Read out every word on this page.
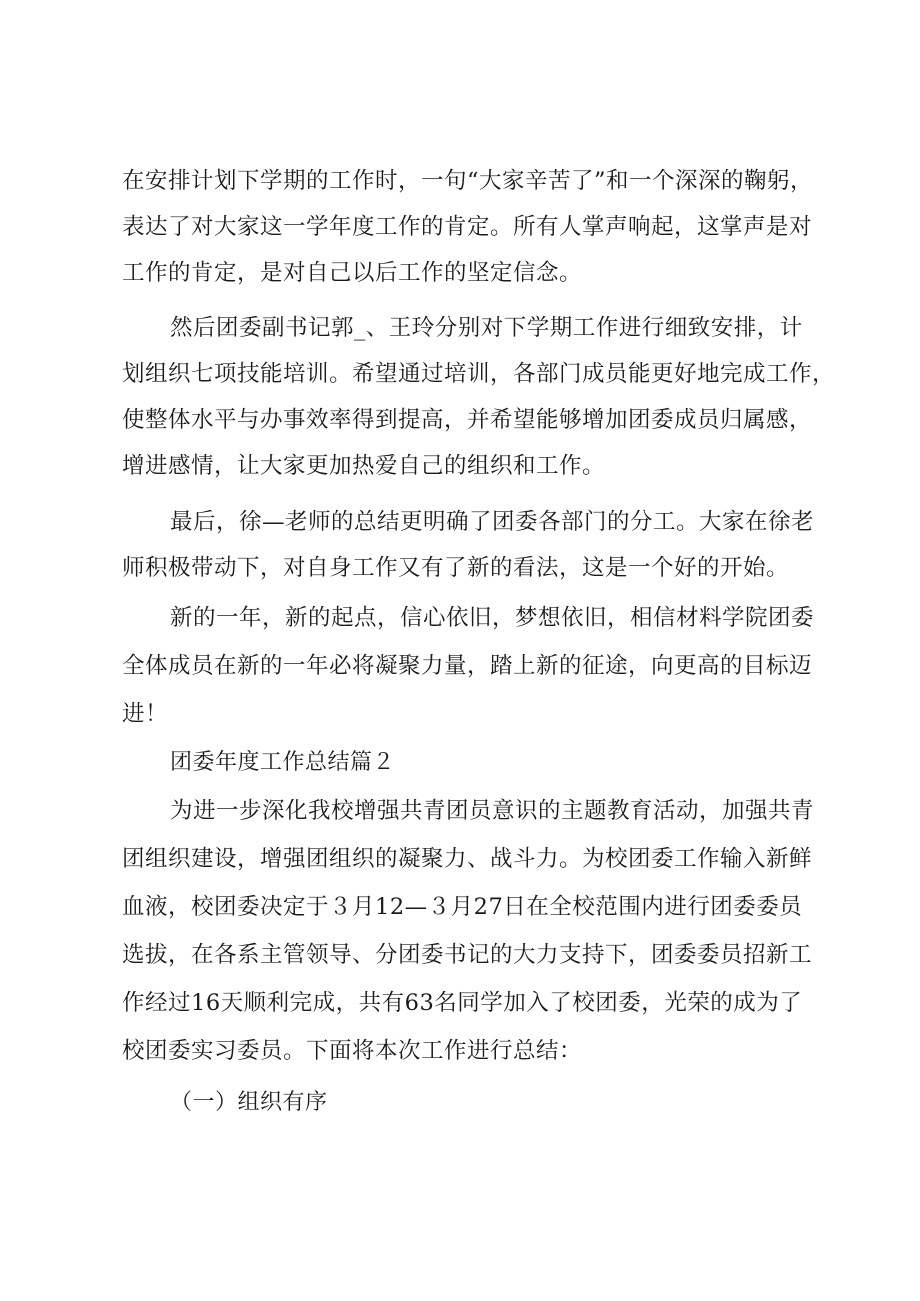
在安排计划下学期的工作时，一句“大家辛苦了”和一个深深的鞠躬，

表达了对大家这一学年度工作的肯定。所有人掌声响起，这掌声是对

工作的肯定，是对自己以后工作的坚定信念。

然后团委副书记郭_、王玲分别对下学期工作进行细致安排，计

划组织七项技能培训。希望通过培训，各部门成员能更好地完成工作，

使整体水平与办事效率得到提高，并希望能够增加团委成员归属感，

增进感情，让大家更加热爱自己的组织和工作。

最后，徐—老师的总结更明确了团委各部门的分工。大家在徐老

师积极带动下，对自身工作又有了新的看法，这是一个好的开始。

新的一年，新的起点，信心依旧，梦想依旧，相信材料学院团委

全体成员在新的一年必将凝聚力量，踏上新的征途，向更高的目标迈

进！

团委年度工作总结篇２

为进一步深化我校增强共青团员意识的主题教育活动，加强共青

团组织建设，增强团组织的凝聚力、战斗力。为校团委工作输入新鲜

血液，校团委决定于３月12—３月27日在全校范围内进行团委委员

选拔，在各系主管领导、分团委书记的大力支持下，团委委员招新工

作经过16天顺利完成，共有63名同学加入了校团委，光荣的成为了

校团委实习委员。下面将本次工作进行总结：

（一）组织有序
